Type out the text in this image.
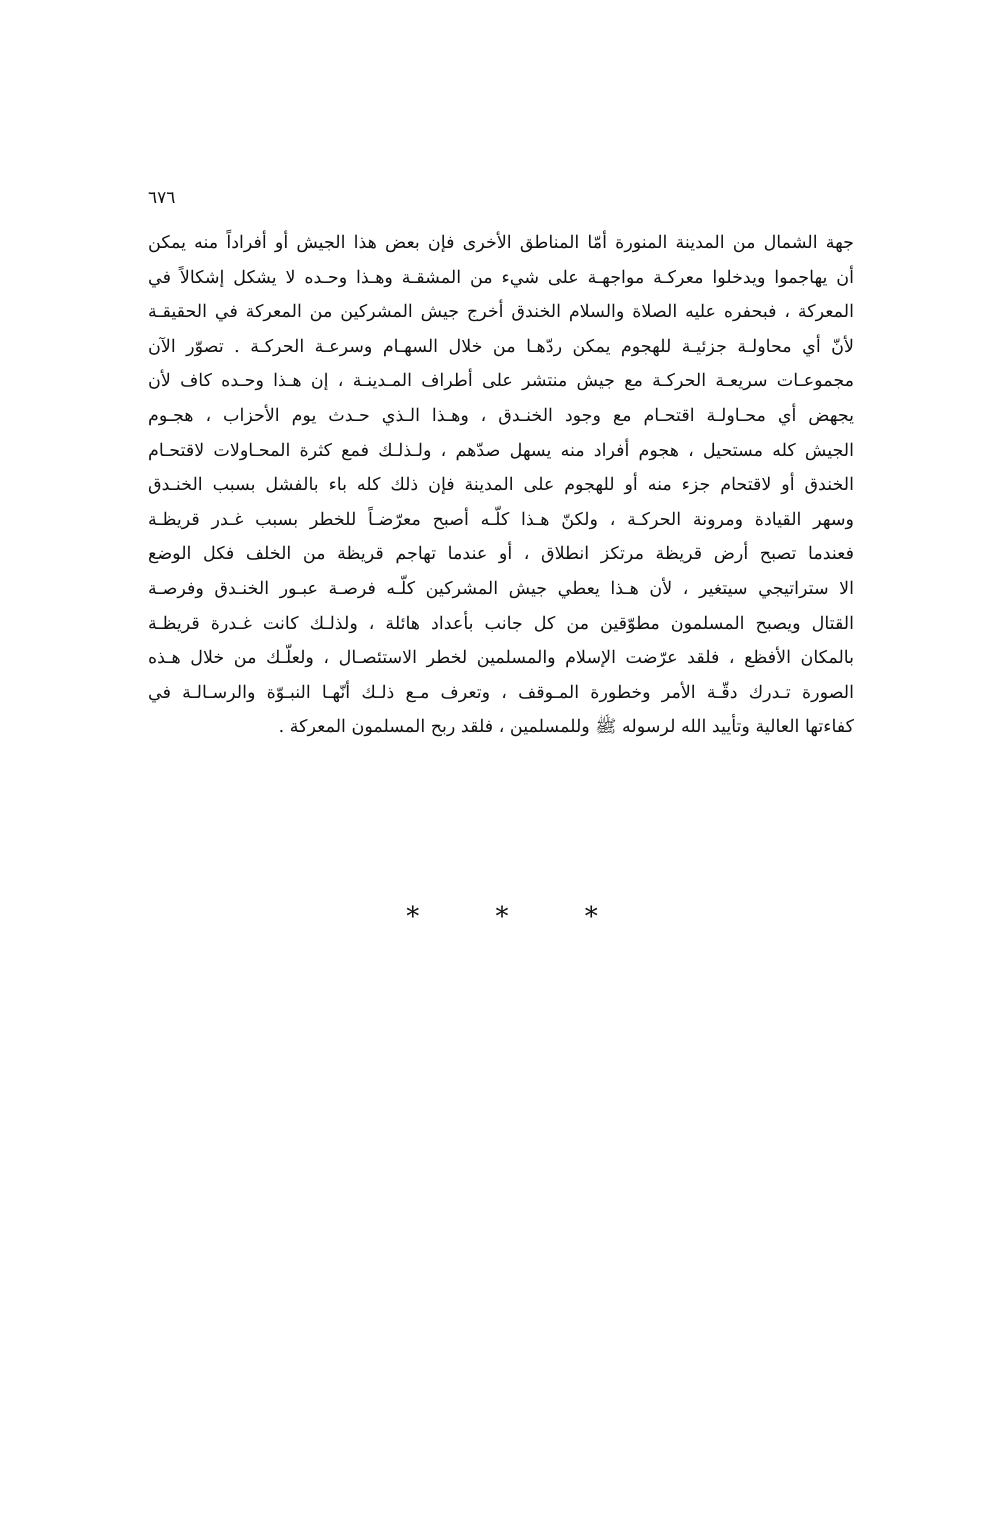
٦٧٦
جهة الشمال من المدينة المنورة أمّا المناطق الأخرى فإن بعض هذا الجيش أو أفراداً منه يمكن
أن يهاجموا ويدخلوا معركـة مواجهـة على شيء من المشقـة وهـذا وحـده لا يشكل إشكالاً في
المعركة ، فبحفره عليه الصلاة والسلام الخندق أخرج جيش المشركين من المعركة في الحقيقـة
لأنّ أي محاولـة جزئيـة للهجوم يمكن ردّهـا من خلال السهـام وسرعـة الحركـة . تصوّر الآن
مجموعـات سريعـة الحركـة مع جيش منتشر على أطراف المـدينـة ، إن هـذا وحـده كاف لأن
يجهض أي محـاولـة اقتحـام مع وجود الخنـدق ، وهـذا الـذي حـدث يوم الأحزاب ، هجـوم
الجيش كله مستحيل ، هجوم أفراد منه يسهل صدّهم ، ولـذلـك فمع كثرة المحـاولات لاقتحـام
الخندق أو لاقتحام جزء منه أو للهجوم على المدينة فإن ذلك كله باء بالفشل بسبب الخنـدق
وسهر القيادة ومرونة الحركـة ، ولكنّ هـذا كلّـه أصبح معرّضـاً للخطر بسبب غـدر قريظـة
فعندما تصبح أرض قريظة مرتكز انطلاق ، أو عندما تهاجم قريظة من الخلف فكل الوضع
الا ستراتيجي سيتغير ، لأن هـذا يعطي جيش المشركين كلّـه فرصـة عبـور الخنـدق وفرصـة
القتال ويصبح المسلمون مطوّقين من كل جانب بأعداد هائلة ، ولذلـك كانت غـدرة قريظـة
بالمكان الأفظع ، فلقد عرّضت الإسلام والمسلمين لخطر الاستئصـال ، ولعلّـك من خلال هـذه
الصورة تـدرك دقّـة الأمر وخطورة المـوقف ، وتعرف مـع ذلـك أنّهـا النبـوّة والرسـالـة في
كفاءتها العالية وتأييد الله لرسوله ﷺ وللمسلمين ، فلقد ربح المسلمون المعركة .
* * *
